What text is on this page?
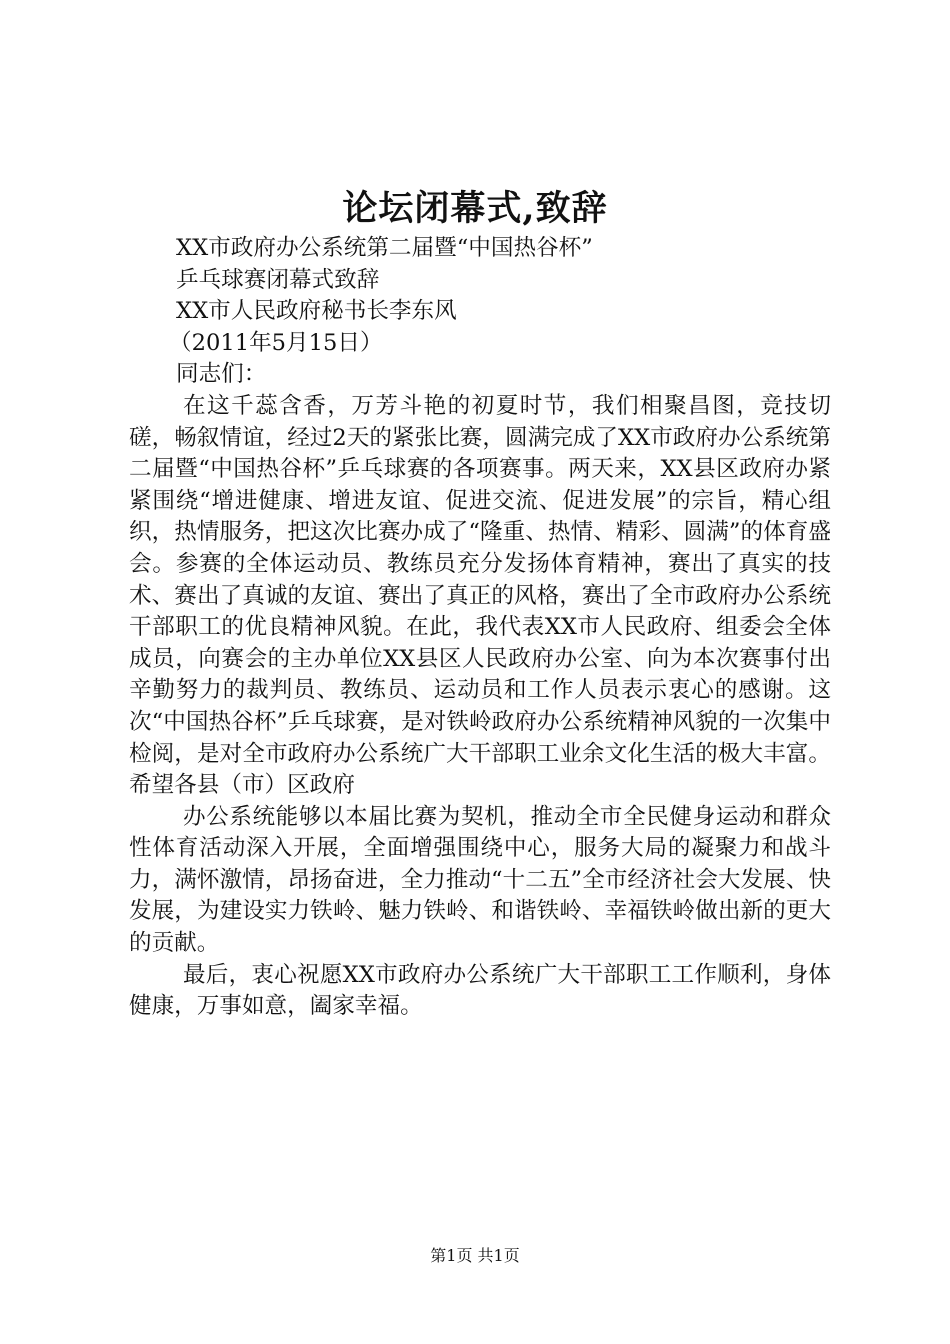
论坛闭幕式,致辞
XX市政府办公系统第二届暨“中国热谷杯”
乒乓球赛闭幕式致辞
XX市人民政府秘书长李东风
（2011年5月15日）
同志们：

在这千蕊含香，万芳斗艳的初夏时节，我们相聚昌图，竞技切磋，畅叙情谊，经过2天的紧张比赛，圆满完成了XX市政府办公系统第二届暨“中国热谷杯”乒乓球赛的各项赛事。两天来，XX县区政府办紧紧围绕“增进健康、增进友谊、促进交流、促进发展”的宗旨，精心组织，热情服务，把这次比赛办成了“隆重、热情、精彩、圆满”的体育盛会。参赛的全体运动员、教练员充分发扬体育精神，赛出了真实的技术、赛出了真诚的友谊、赛出了真正的风格，赛出了全市政府办公系统干部职工的优良精神风貌。在此，我代表XX市人民政府、组委会全体成员，向赛会的主办单位XX县区人民政府办公室、向为本次赛事付出辛勤努力的裁判员、教练员、运动员和工作人员表示衷心的感谢。这次“中国热谷杯”乒乓球赛，是对铁岭政府办公系统精神风貌的一次集中检阅，是对全市政府办公系统广大干部职工业余文化生活的极大丰富。希望各县（市）区政府

办公系统能够以本届比赛为契机，推动全市全民健身运动和群众性体育活动深入开展，全面增强围绕中心，服务大局的凝聚力和战斗力，满怀激情，昂扬奋进，全力推动“十二五”全市经济社会大发展、快发展，为建设实力铁岭、魅力铁岭、和谐铁岭、幸福铁岭做出新的更大的贡献。

最后，衷心祝愿XX市政府办公系统广大干部职工工作顺利，身体健康，万事如意，阖家幸福。

第1页 共1页
